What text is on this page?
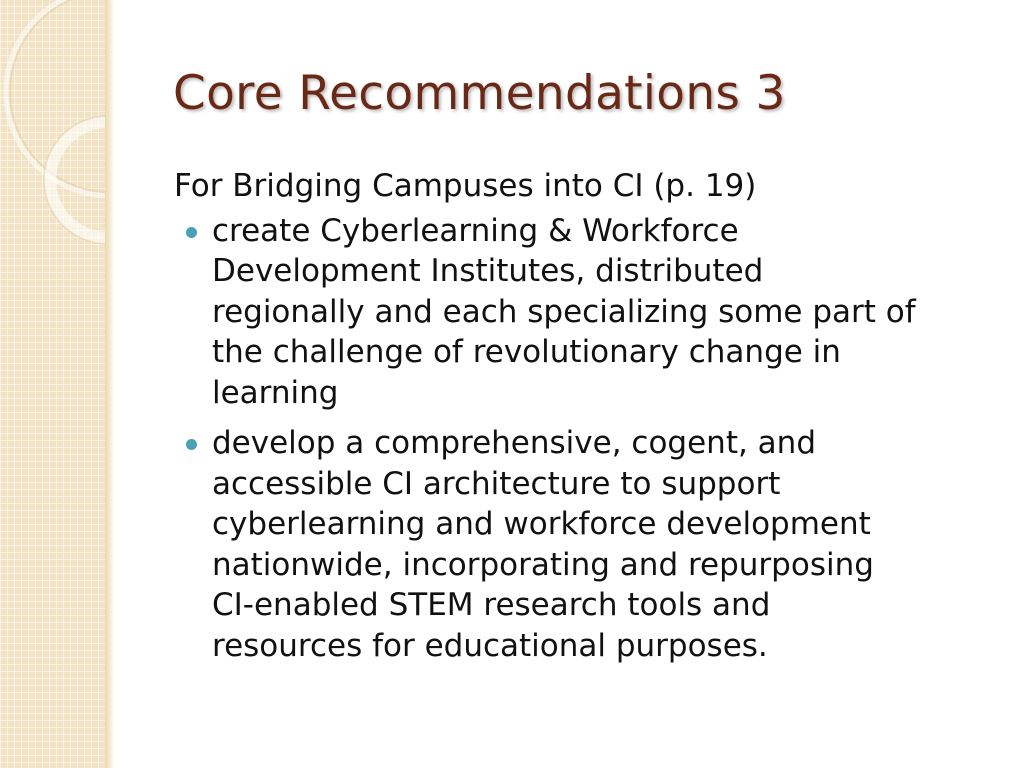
Core Recommendations 3

For Bridging Campuses into CI (p. 19)

create Cyberlearning & Workforce
Development Institutes, distributed
regionally and each specializing some part of
the challenge of revolutionary change in
learning
develop a comprehensive, cogent, and
accessible CI architecture to support
cyberlearning and workforce development
nationwide, incorporating and repurposing
CI-enabled STEM research tools and
resources for educational purposes.
